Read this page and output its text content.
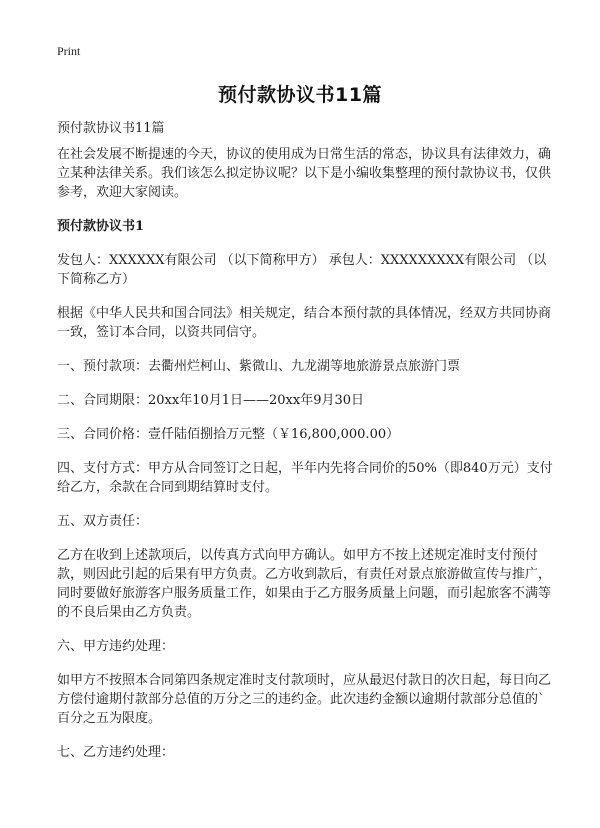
Print
预付款协议书11篇

预付款协议书11篇

在社会发展不断提速的今天，协议的使用成为日常生活的常态，协议具有法律效力，确立某种法律关系。我们该怎么拟定协议呢？以下是小编收集整理的预付款协议书，仅供参考，欢迎大家阅读。

预付款协议书1

发包人：XXXXXX有限公司 （以下简称甲方） 承包人：XXXXXXXXX有限公司 （以下简称乙方）

根据《中华人民共和国合同法》相关规定，结合本预付款的具体情况，经双方共同协商一致，签订本合同，以资共同信守。

一、预付款项：去衢州烂柯山、紫微山、九龙湖等地旅游景点旅游门票

二、合同期限：20xx年10月1日——20xx年9月30日

三、合同价格：壹仟陆佰捌拾万元整（￥16,800,000.00）

四、支付方式：甲方从合同签订之日起，半年内先将合同价的50%（即840万元）支付给乙方，余款在合同到期结算时支付。

五、双方责任：

乙方在收到上述款项后，以传真方式向甲方确认。如甲方不按上述规定准时支付预付款，则因此引起的后果有甲方负责。乙方收到款后，有责任对景点旅游做宣传与推广，同时要做好旅游客户服务质量工作，如果由于乙方服务质量上问题，而引起旅客不满等的不良后果由乙方负责。

六、甲方违约处理：

如甲方不按照本合同第四条规定准时支付款项时，应从最迟付款日的次日起，每日向乙方偿付逾期付款部分总值的万分之三的违约金。此次违约金额以逾期付款部分总值的`百分之五为限度。

七、乙方违约处理：
